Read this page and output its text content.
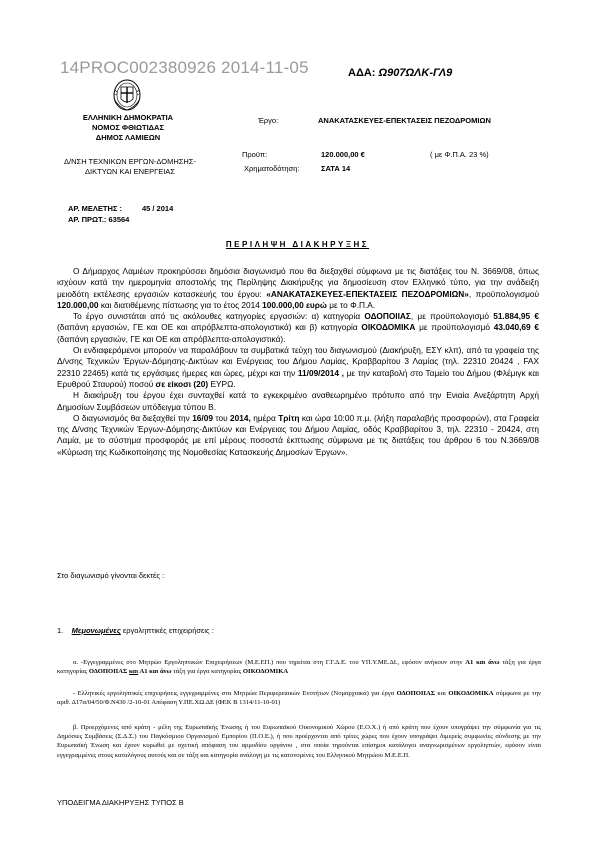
14PROC002380926 2014-11-05	ΑΔΑ: Ω907ΩΛΚ-ΓΛ9
ΕΛΛΗΝΙΚΗ ΔΗΜΟΚΡΑΤΙΑ
ΝΟΜΟΣ ΦΘΙΩΤΙΔΑΣ
ΔΗΜΟΣ ΛΑΜΙΕΩΝ
Δ/ΝΣΗ ΤΕΧΝΙΚΩΝ ΕΡΓΩΝ-ΔΟΜΗΣΗΣ-
ΔΙΚΤΥΩΝ ΚΑΙ ΕΝΕΡΓΕΙΑΣ
Έργο:	ΑΝΑΚΑΤΑΣΚΕΥΕΣ-ΕΠΕΚΤΑΣΕΙΣ ΠΕΖΟΔΡΟΜΙΩΝ
Προϋπ:	120.000,00 €	( με Φ.Π.Α. 23 %)
Χρηματοδότηση:	ΣΑΤΑ 14
ΑΡ. ΜΕΛΕΤΗΣ :	45 / 2014
ΑΡ. ΠΡΩΤ.: 63564
ΠΕΡΙΛΗΨΗ ΔΙΑΚΗΡΥΞΗΣ

Ο Δήμαρχος Λαμιέων προκηρύσσει δημόσια διαγωνισμό που θα διεξαχθεί σύμφωνα με τις διατάξεις του Ν. 3669/08, όπως ισχύουν κατά την ημερομηνία αποστολής της Περίληψης Διακήρυξης για δημοσίευση στον Ελληνικό τύπο, για την ανάδειξη μειοδότη εκτέλεσης εργασιών κατασκευής του έργου: «ΑΝΑΚΑΤΑΣΚΕΥΕΣ-ΕΠΕΚΤΑΣΕΙΣ ΠΕΖΟΔΡΟΜΙΩΝ», προϋπολογισμού 120.000,00 και διατιθέμενης πίστωσης για το έτος 2014 100.000,00 ευρώ με το Φ.Π.Α.

Το έργο συνιστάται από τις ακόλουθες κατηγορίες εργασιών: α) κατηγορία ΟΔΟΠΟΙΙΑΣ, με προϋπολογισμό 51.884,95 € (δαπάνη εργασιών, ΓΕ και ΟΕ και απρόβλεπτα-απολογιστικά) και β) κατηγορία ΟΙΚΟΔΟΜΙΚΑ με προϋπολογισμό 43.040,69 € (δαπάνη εργασιών, ΓΕ και ΟΕ και απρόβλεπτα-απολογιστικά).

Οι ενδιαφερόμενοι μπορούν να παραλάβουν τα συμβατικά τεύχη του διαγωνισμού (Διακήρυξη, ΕΣΥ κλπ), από τα γραφεία της Δ/νσης Τεχνικών Έργων-Δόμησης-Δικτύων και Ενέργειας του Δήμου Λαμίας, Κραββαρίτου 3 Λαμίας (τηλ. 22310 20424 , FAX 22310 22465) κατά τις εργάσιμες ήμερες και ώρες, μέχρι και την 11/09/2014 , με την καταβολή στο Ταμείο του Δήμου (Φλέμιγκ και Ερυθρού Σταυρού) ποσού σε είκοσι (20) ΕΥΡΩ.

Η διακήρυξη του έργου έχει συνταχθεί κατά το εγκεκριμένο αναθεωρημένο πρότυπο από την Ενιαία Ανεξάρτητη Αρχή Δημοσίων Συμβάσεων υπόδειγμα τύπου Β.

Ο διαγωνισμός θα διεξαχθεί την 16/09 του 2014, ημέρα Τρίτη και ώρα 10:00 π.μ. (λήξη παραλαβής προσφορών), στα Γραφεία της Δ/νσης Τεχνικών Έργων-Δόμησης-Δικτύων και Ενέργειας του Δήμου Λαμίας, οδός Κραββαρίτου 3, τηλ. 22310 - 20424, στη Λαμία, με το σύστημα προσφοράς με επί μέρους ποσοστά έκπτωσης σύμφωνα με τις διατάξεις του άρθρου 6 του Ν.3669/08 «Κύρωση της Κωδικοποίησης της Νομοθεσίας Κατασκευής Δημοσίων Έργων».

Στο διαγωνισμό γίνονται δεκτές :
1. Μεμονωμένες εργοληπτικές επιχειρήσεις :

α. -Εγγεγραμμένες στο Μητρώο Εργοληπτικών Επιχειρήσεων (Μ.Ε.ΕΠ.) που τηρείται στη Γ.Γ.Δ.Ε. του ΥΠ.Υ.ΜΕ.ΔΙ., εφόσον ανήκουν στην Α1 και άνω τάξη για έργα κατηγορίας ΟΔΟΠΟΙΙΑΣ και Α1 και άνω τάξη για έργα κατηγορίας ΟΙΚΟΔΟΜΙΚΑ

- Ελληνικές εργοληπτικές επιχειρήσεις εγγεγραμμένες στα Μητρώα Περιφερειακών Ενοτήτων (Νομαρχιακά) για έργα ΟΔΟΠΟΙΙΑΣ και ΟΙΚΟΔΟΜΙΚΑ σύμφωνα με την αριθ. Δ17α/04/50/Φ.Ν430 /2-10-01 Απόφαση Υ.ΠΕ.ΧΩ.ΔΕ (ΦΕΚ Β 1314/11-10-01)

β. Προερχόμενες από κράτη - μέλη της Ευρωπαϊκής Ένωσης ή του Ευρωπαϊκού Οικονομικού Χώρου (Ε.Ο.Χ.) ή από κράτη που έχουν υπογράψει την σύμφωνία για τις Δημόσιες Συμβάσεις (Σ.Δ.Σ.) του Παγκόσμιου Οργανισμού Εμπορίου (Π.Ο.Ε.), ή που προέρχονται από τρίτες χώρες που έχουν υπογράψει διμερείς συμφωνίες σύνδεσης με την Ευρωπαϊκή Ένωση και έχουν κυρωθεί με σχετική απόφαση του αρμοδίου οργάνου , στα οποία τηρούνται επίσημοι κατάλογοι αναγνωρισμένων εργοληπτών, εφόσον είναι εγγεγραμμένες στους καταλόγους αυτούς και σε τάξη και κατηγορία ανάλογη με τις κατονομένες του Ελληνικού Μητρώου Μ.Ε.Ε.Π.

ΥΠΟΔΕΙΓΜΑ ΔΙΑΚΗΡΥΞΗΣ ΤΥΠΟΣ Β
